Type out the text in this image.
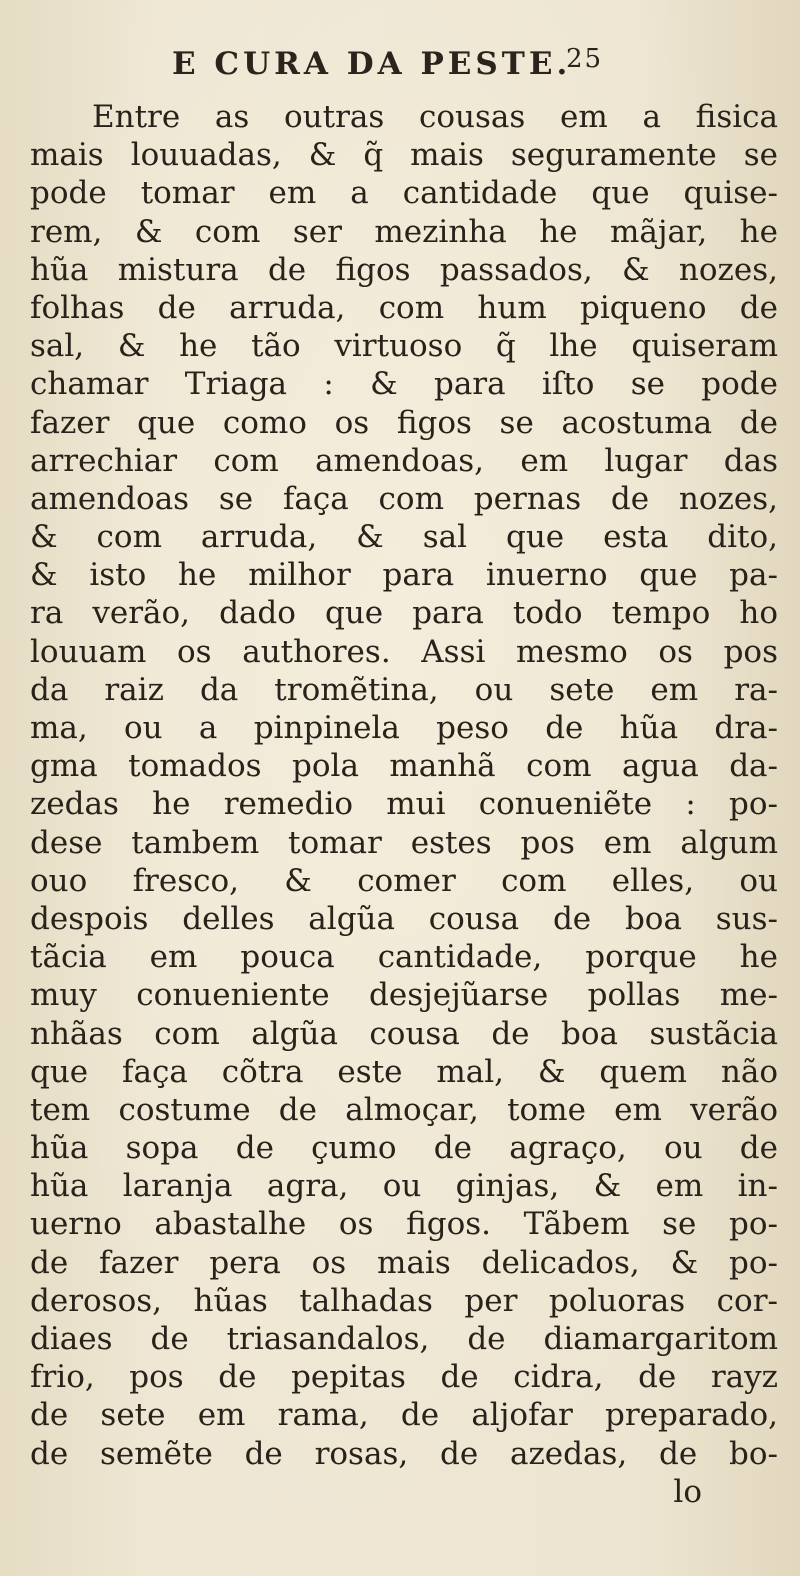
E CURA DA PESTE.
25
Entre as outras cousas em a fisica
mais louuadas, & q̃ mais seguramente se
pode tomar em a cantidade que quise-
rem, & com ser mezinha he mãjar, he
hũa mistura de figos passados, & nozes,
folhas de arruda, com hum piqueno de
sal, & he tão virtuoso q̃ lhe quiseram
chamar Triaga : & para iſto se pode
fazer que como os figos se acostuma de
arrechiar com amendoas, em lugar das
amendoas se faça com pernas de nozes,
& com arruda, & sal que esta dito,
& isto he milhor para inuerno que pa-
ra verão, dado que para todo tempo ho
louuam os authores. Assi mesmo os pos
da raiz da tromẽtina, ou sete em ra-
ma, ou a pinpinela peso de hũa dra-
gma tomados pola manhã com agua da-
zedas he remedio mui conueniẽte : po-
dese tambem tomar estes pos em algum
ouo fresco, & comer com elles, ou
despois delles algũa cousa de boa sus-
tãcia em pouca cantidade, porque he
muy conueniente desjejũarse pollas me-
nhãas com algũa cousa de boa sustãcia
que faça cõtra este mal, & quem não
tem costume de almoçar, tome em verão
hũa sopa de çumo de agraço, ou de
hũa laranja agra, ou ginjas, & em in-
uerno abastalhe os figos. Tãbem se po-
de fazer pera os mais delicados, & po-
derosos, hũas talhadas per poluoras cor-
diaes de triasandalos, de diamargaritom
frio, pos de pepitas de cidra, de rayz
de sete em rama, de aljofar preparado,
de semẽte de rosas, de azedas, de bo-
lo
